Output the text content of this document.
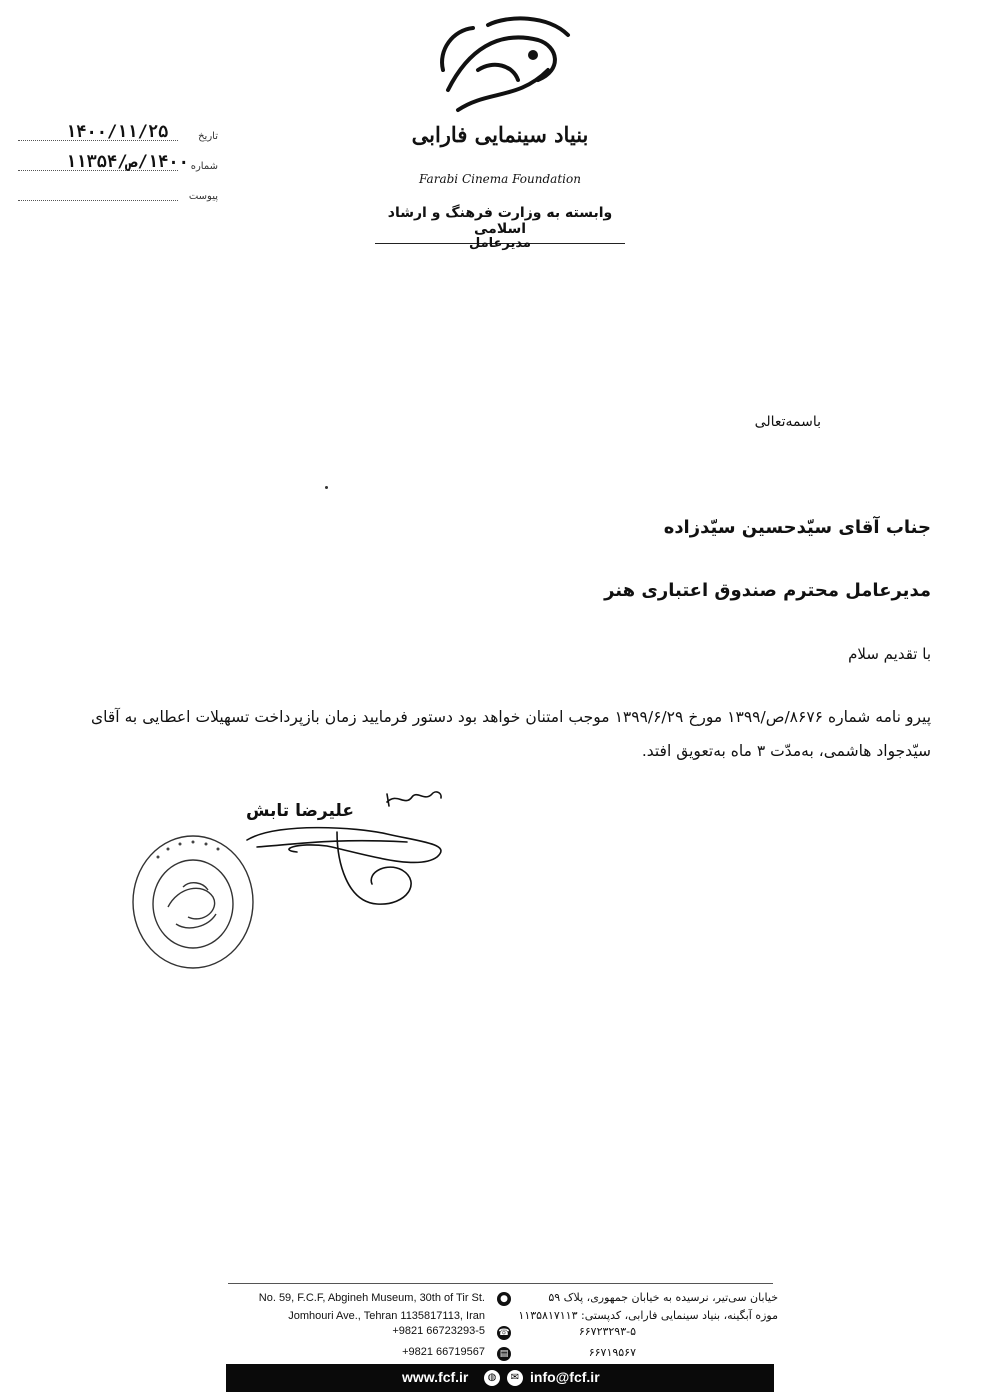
بنیاد سینمایی فارابی
Farabi Cinema Foundation
وابسته به وزارت فرهنگ و ارشاد اسلامی
مدیرعامل
۱۴۰۰/۱۱/۲۵	تاریخ
۱۴۰۰/ص/۱۱۳۵۴ شماره
پیوست
باسمه‌تعالی
جناب آقای سیّدحسین سیّدزاده
مدیرعامل محترم صندوق اعتباری هنر
با تقدیم سلام
پیرو نامه شماره ۸۶۷۶/ص/۱۳۹۹ مورخ ۱۳۹۹/۶/۲۹ موجب امتنان خواهد بود دستور فرمایید زمان بازپرداخت تسهیلات اعطایی به آقای سیّدجواد هاشمی، به‌مدّت ۳ ماه به‌تعویق افتد.
علیرضا تابش
No. 59, F.C.F, Abgineh Museum, 30th of Tir St.
Jomhouri Ave., Tehran 1135817113, Iran
●	خیابان سی‌تیر، نرسیده به خیابان جمهوری، پلاک ۵۹
موزه آبگینه، بنیاد سینمایی فارابی، کدپستی: ۱۱۳۵۸۱۷۱۱۳
+9821 66723293-5 ☎	۶۶۷۲۳۲۹۳-۵
+9821 66719567	▤	۶۶۷۱۹۵۶۷
www.fcf.ir	◍	✉ info@fcf.ir
